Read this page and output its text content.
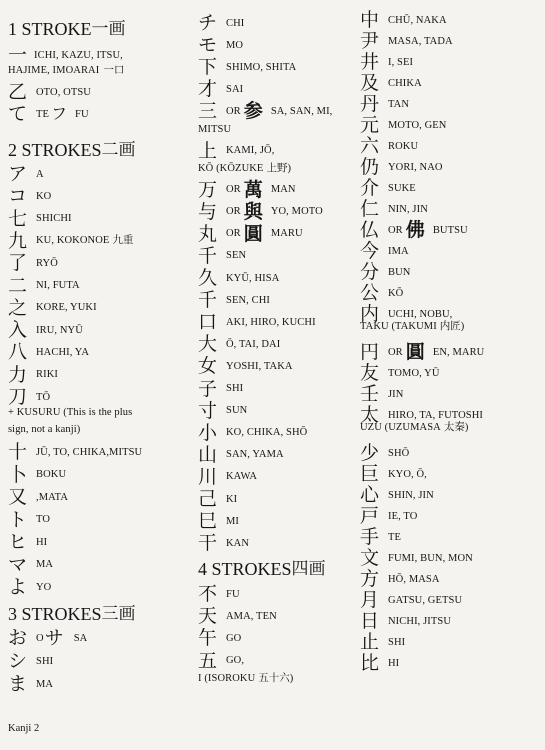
1 STROKE 一画
一 ICHI, KAZU, ITSU,
HAJIME, IMOARAI 一口
乙 OTO, OTSU
て TE フ FU
2 STROKES 二画
ア A
コ KO
七 SHICHI
九 KU, KOKONOE 九重
了 RYŌ
二 NI, FUTA
之 KORE, YUKI
入 IRU, NYŪ
八 HACHI, YA
力 RIKI
刀 TŌ
+ KUSURU (This is the plus
sign, not a kanji)
十 JŪ, TO, CHIKA,MITSU
卜 BOKU
又 ,MATA
ト TO
ヒ HI
マ MA
よ YO
3 STROKES 三画
お O サ SA
シ SHI
ま MA
チ CHI
モ MO
下 SHIMO, SHITA
才 SAI
三 OR 参 SA, SAN, MI,
MITSU
上 KAMI, JŌ,
KŌ (KŌZUKE 上野 )
万 OR 萬 MAN
与 OR 與 YO, MOTO
丸 OR 圓 MARU
千 SEN
久 KYŪ, HISA
千 SEN, CHI
口 AKI, HIRO, KUCHI
大 Ō, TAI, DAI
女 YOSHI, TAKA
子 SHI
寸 SUN
小 KO, CHIKA, SHŌ
山 SAN, YAMA
川 KAWA
己 KI
巳 MI
干 KAN
4 STROKES 四画
不 FU
天 AMA, TEN
午 GO
五 GO,
I (ISOROKU 五十六 )
中 CHŪ, NAKA
尹 MASA, TADA
井 I, SEI
及 CHIKA
丹 TAN
元 MOTO, GEN
六 ROKU
仍 YORI, NAO
介 SUKE
仁 NIN, JIN
仏 OR 佛 BUTSU
今 IMA
分 BUN
公 KŌ
内 UCHI, NOBU,
TAKU (TAKUMI 内匠 )
円 OR 圓 EN, MARU
友 TOMO, YŪ
壬 JIN
太 HIRO, TA, FUTOSHI
UZU (UZUMASA 太秦 )
少 SHŌ
巨 KYO, Ō,
心 SHIN, JIN
戸 IE, TO
手 TE
文 FUMI, BUN, MON
方 HŌ, MASA
月 GATSU, GETSU
日 NICHI, JITSU
止 SHI
比 HI
Kanji 2
